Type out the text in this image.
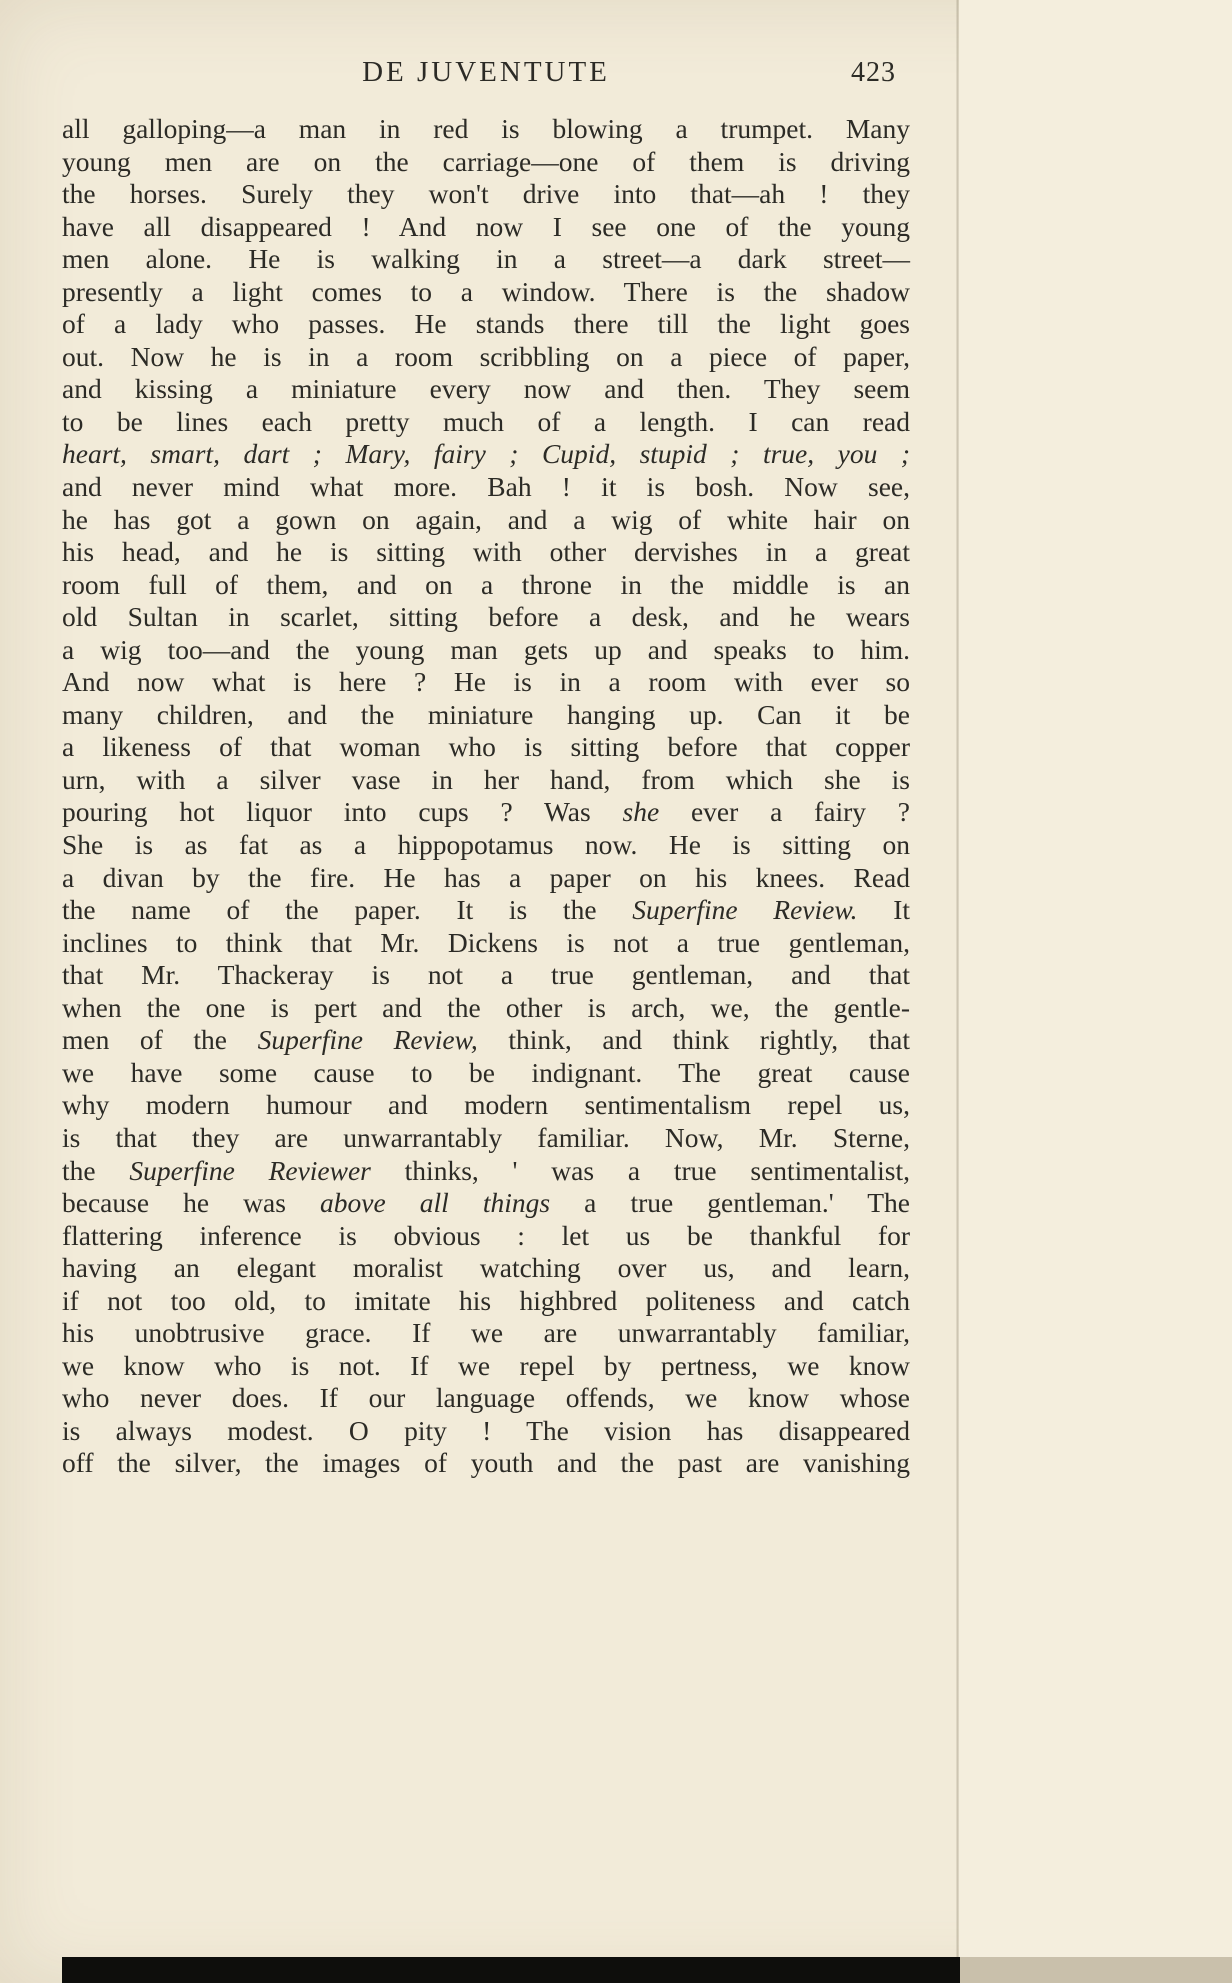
DE JUVENTUTE	423
all galloping—a man in red is blowing a trumpet. Many
young men are on the carriage—one of them is driving
the horses. Surely they won't drive into that—ah ! they
have all disappeared ! And now I see one of the young
men alone. He is walking in a street—a dark street—
presently a light comes to a window. There is the shadow
of a lady who passes. He stands there till the light goes
out. Now he is in a room scribbling on a piece of paper,
and kissing a miniature every now and then. They seem
to be lines each pretty much of a length. I can read
heart, smart, dart ; Mary, fairy ; Cupid, stupid ; true, you ;
and never mind what more. Bah ! it is bosh. Now see,
he has got a gown on again, and a wig of white hair on
his head, and he is sitting with other dervishes in a great
room full of them, and on a throne in the middle is an
old Sultan in scarlet, sitting before a desk, and he wears
a wig too—and the young man gets up and speaks to him.
And now what is here ? He is in a room with ever so
many children, and the miniature hanging up. Can it be
a likeness of that woman who is sitting before that copper
urn, with a silver vase in her hand, from which she is
pouring hot liquor into cups ? Was she ever a fairy ?
She is as fat as a hippopotamus now. He is sitting on
a divan by the fire. He has a paper on his knees. Read
the name of the paper. It is the Superfine Review. It
inclines to think that Mr. Dickens is not a true gentleman,
that Mr. Thackeray is not a true gentleman, and that
when the one is pert and the other is arch, we, the gentle-
men of the Superfine Review, think, and think rightly, that
we have some cause to be indignant. The great cause
why modern humour and modern sentimentalism repel us,
is that they are unwarrantably familiar. Now, Mr. Sterne,
the Superfine Reviewer thinks, ' was a true sentimentalist,
because he was above all things a true gentleman.' The
flattering inference is obvious : let us be thankful for
having an elegant moralist watching over us, and learn,
if not too old, to imitate his highbred politeness and catch
his unobtrusive grace. If we are unwarrantably familiar,
we know who is not. If we repel by pertness, we know
who never does. If our language offends, we know whose
is always modest. O pity ! The vision has disappeared
off the silver, the images of youth and the past are vanishing
